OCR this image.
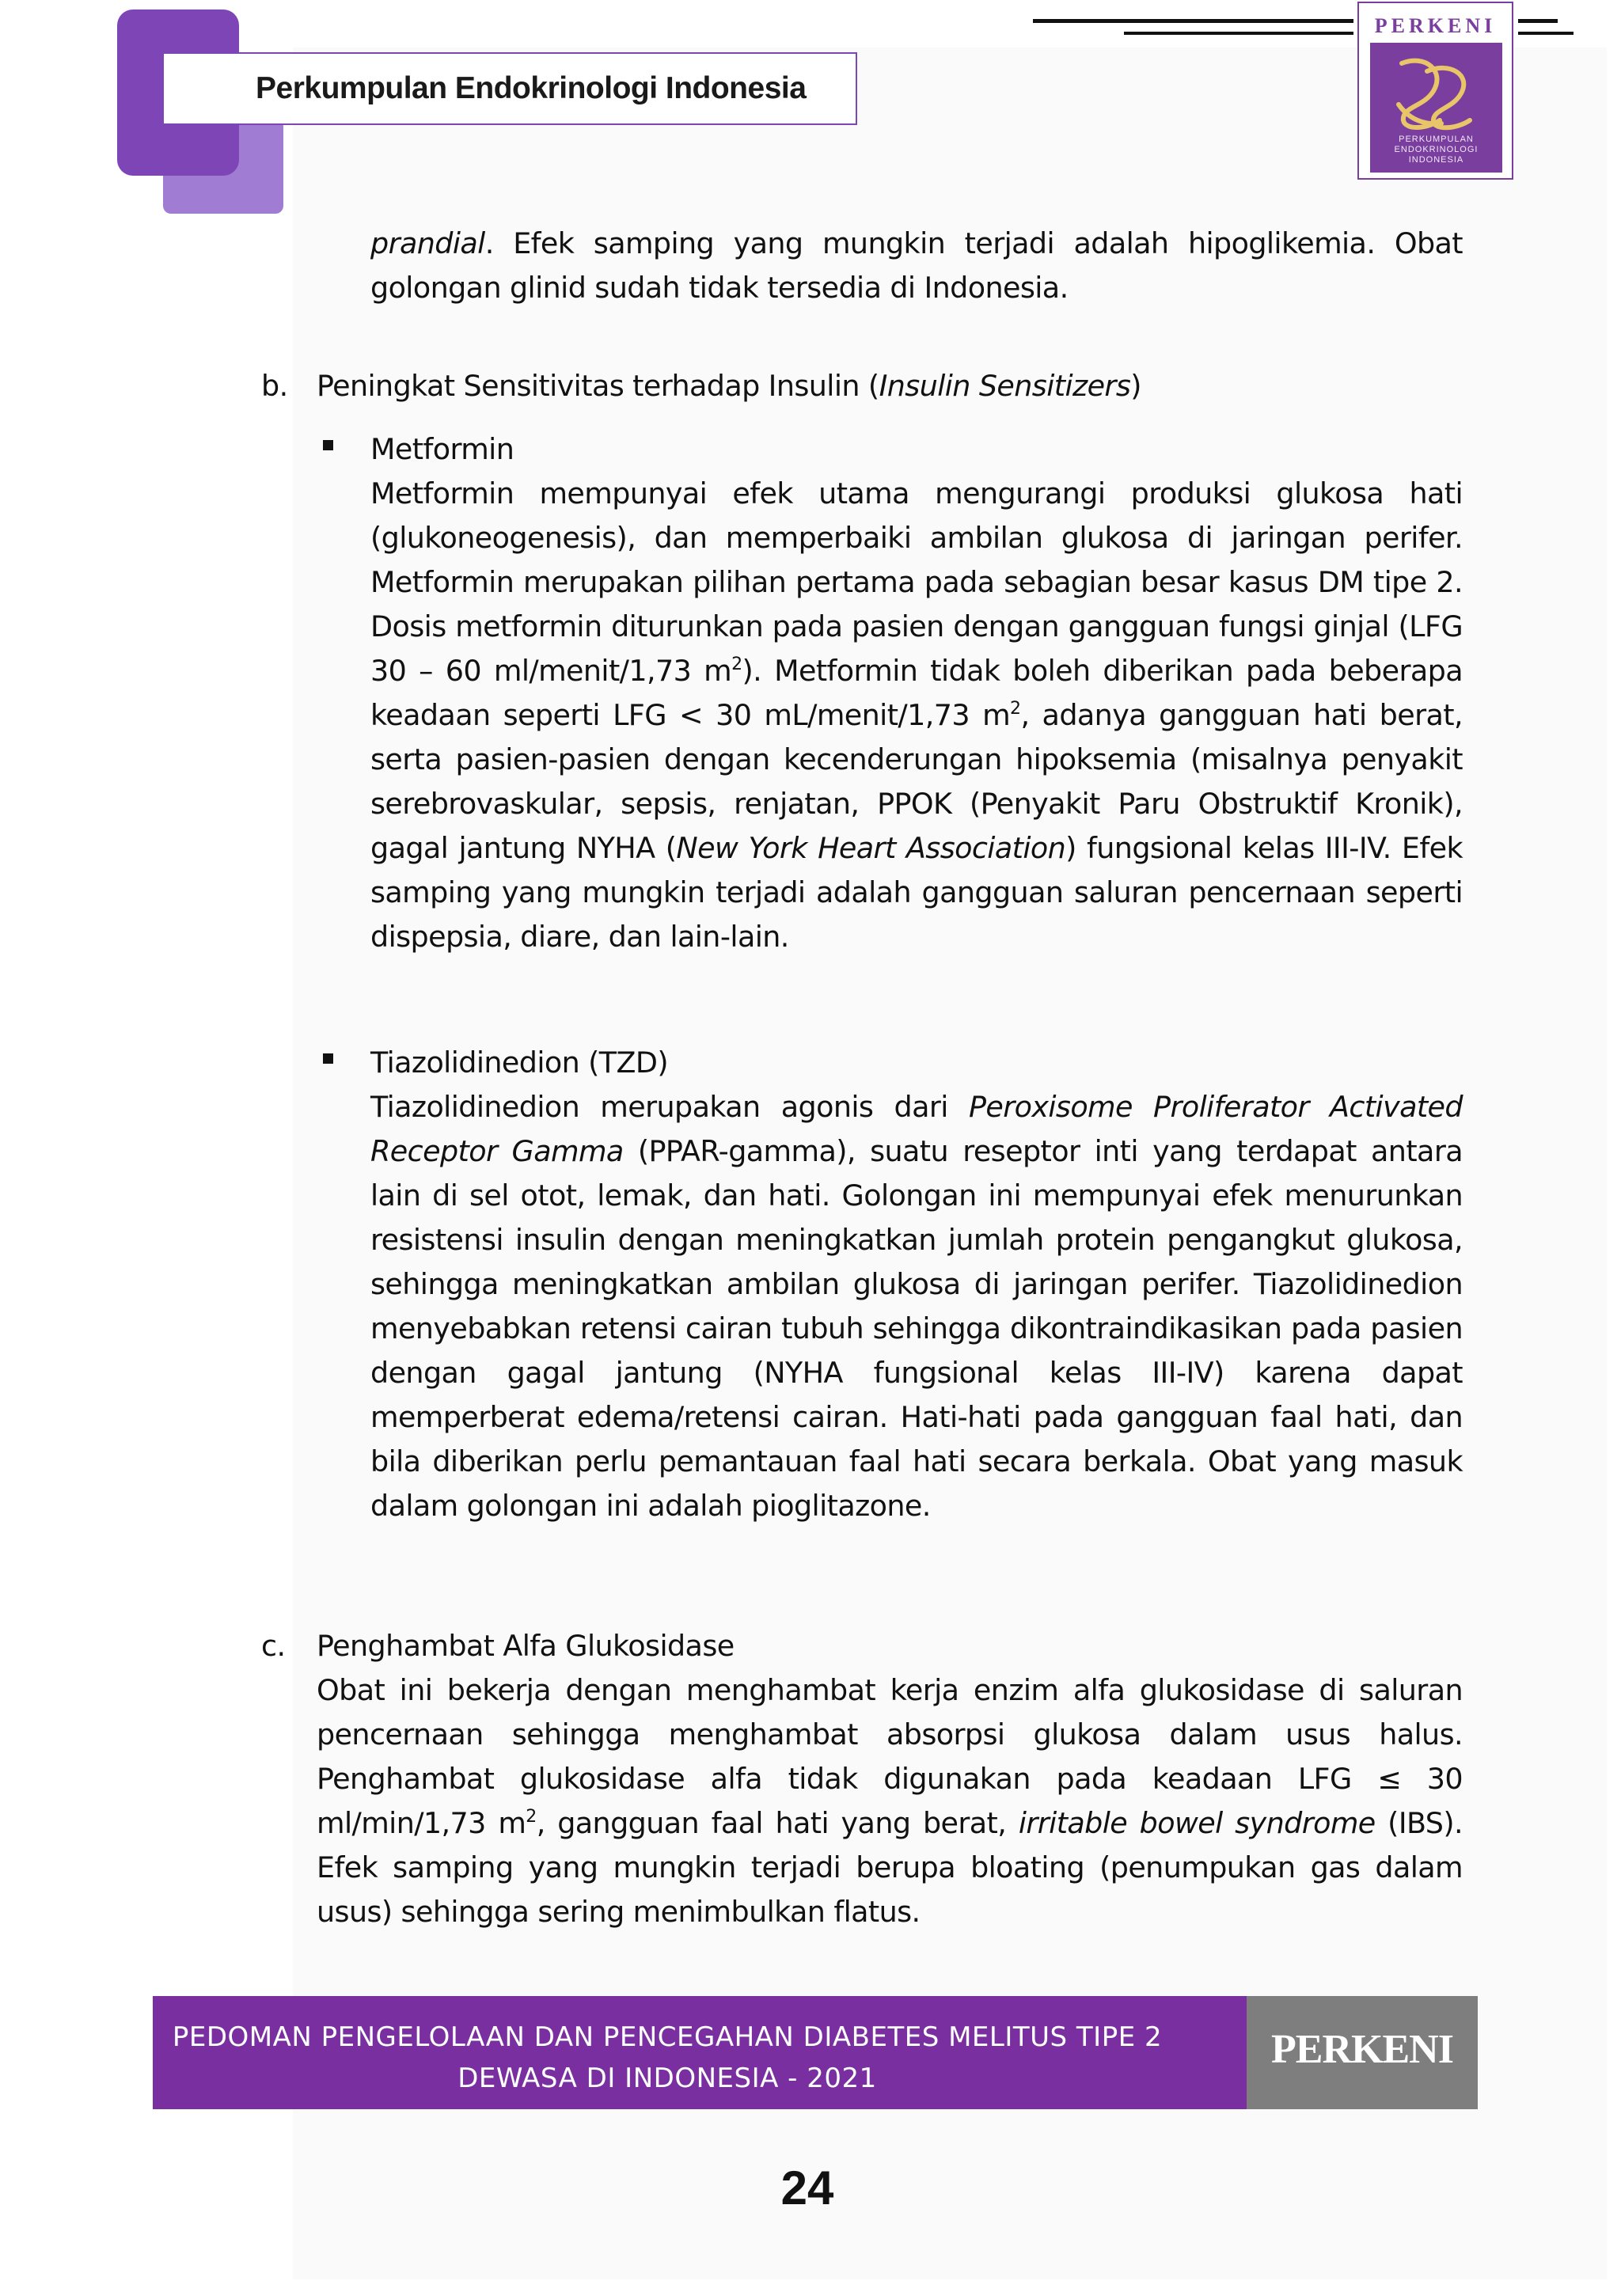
Perkumpulan Endokrinologi Indonesia
PERKENI
PERKUMPULAN
ENDOKRINOLOGI
INDONESIA
prandial. Efek samping yang mungkin terjadi adalah hipoglikemia. Obat golongan glinid sudah tidak tersedia di Indonesia.
b. Peningkat Sensitivitas terhadap Insulin (Insulin Sensitizers)
Metformin
Metformin mempunyai efek utama mengurangi produksi glukosa hati (glukoneogenesis), dan memperbaiki ambilan glukosa di jaringan perifer. Metformin merupakan pilihan pertama pada sebagian besar kasus DM tipe 2. Dosis metformin diturunkan pada pasien dengan gangguan fungsi ginjal (LFG 30 – 60 ml/menit/1,73 $m^2$). Metformin tidak boleh diberikan pada beberapa keadaan seperti LFG < 30 mL/menit/1,73 $m^2$, adanya gangguan hati berat, serta pasien-pasien dengan kecenderungan hipoksemia (misalnya penyakit serebrovaskular, sepsis, renjatan, PPOK (Penyakit Paru Obstruktif Kronik), gagal jantung NYHA (New York Heart Association) fungsional kelas III-IV. Efek samping yang mungkin terjadi adalah gangguan saluran pencernaan seperti dispepsia, diare, dan lain-lain.
Tiazolidinedion (TZD)
Tiazolidinedion merupakan agonis dari Peroxisome Proliferator Activated Receptor Gamma (PPAR-gamma), suatu reseptor inti yang terdapat antara lain di sel otot, lemak, dan hati. Golongan ini mempunyai efek menurunkan resistensi insulin dengan meningkatkan jumlah protein pengangkut glukosa, sehingga meningkatkan ambilan glukosa di jaringan perifer. Tiazolidinedion menyebabkan retensi cairan tubuh sehingga dikontraindikasikan pada pasien dengan gagal jantung (NYHA fungsional kelas III-IV) karena dapat memperberat edema/retensi cairan. Hati-hati pada gangguan faal hati, dan bila diberikan perlu pemantauan faal hati secara berkala. Obat yang masuk dalam golongan ini adalah pioglitazone.
c. Penghambat Alfa Glukosidase
Obat ini bekerja dengan menghambat kerja enzim alfa glukosidase di saluran pencernaan sehingga menghambat absorpsi glukosa dalam usus halus. Penghambat glukosidase alfa tidak digunakan pada keadaan LFG ≤ 30 ml/min/1,73 $m^2$, gangguan faal hati yang berat, irritable bowel syndrome (IBS). Efek samping yang mungkin terjadi berupa bloating (penumpukan gas dalam usus) sehingga sering menimbulkan flatus.
PEDOMAN PENGELOLAAN DAN PENCEGAHAN DIABETES MELITUS TIPE 2
DEWASA DI INDONESIA - 2021
PERKENI
24
